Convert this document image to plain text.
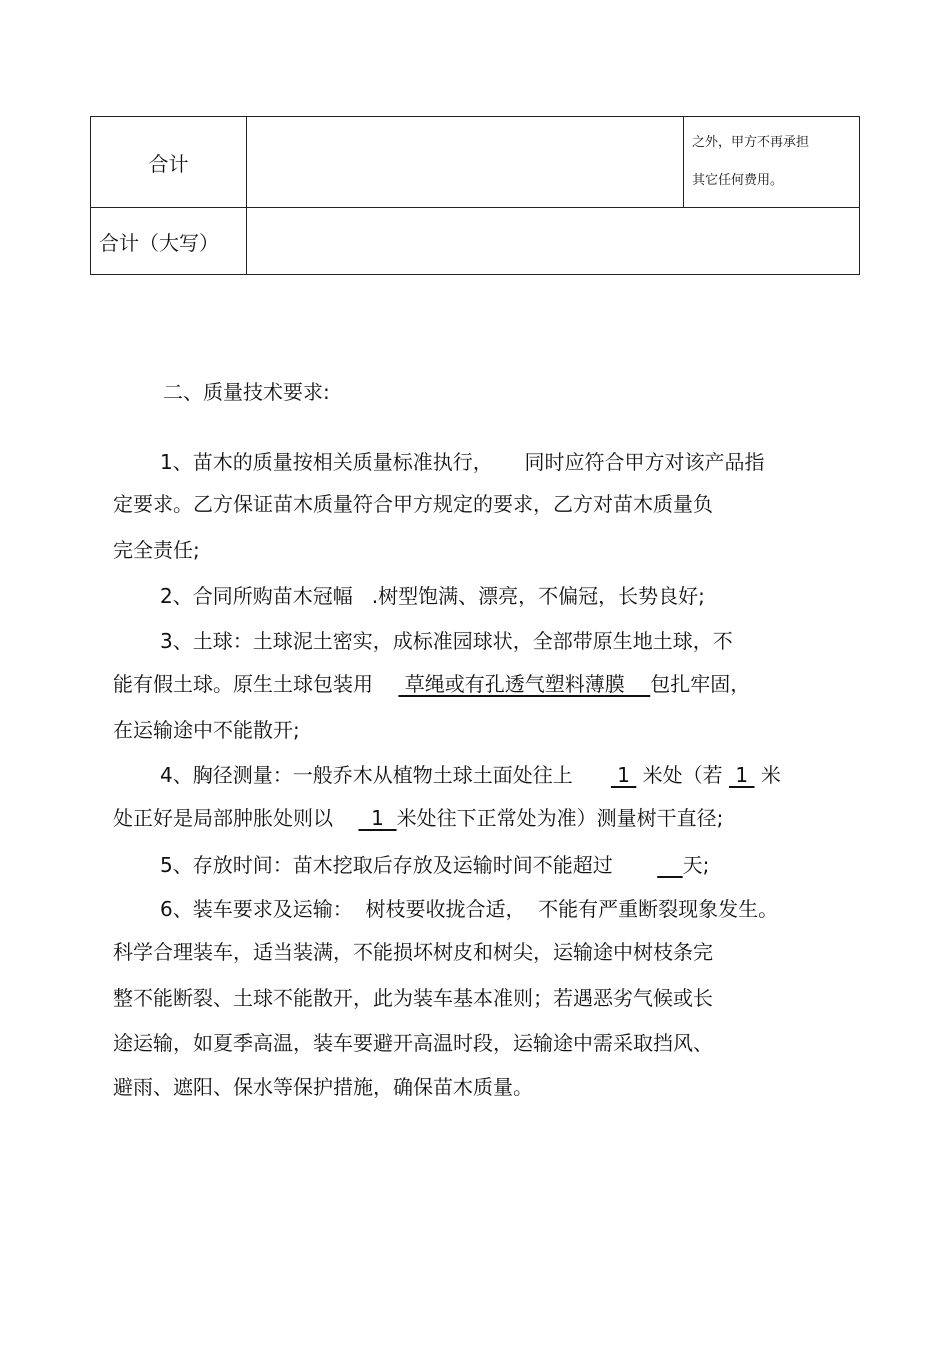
合计		之外，甲方不再承担
其它任何费用。

合计（大写）		
二、质量技术要求:
1、苗木的质量按相关质量标准执行，     同时应符合甲方对该产品指
定要求。乙方保证苗木质量符合甲方规定的要求，乙方对苗木质量负
完全责任;
2、合同所购苗木冠幅   .树型饱满、漂亮，不偏冠，长势良好;
3、土球：土球泥土密实，成标准园球状，全部带原生地土球，不
能有假土球。原生土球包装用     草绳或有孔透气塑料薄膜    包扎牢固，
在运输途中不能散开;
4、胸径测量：一般乔木从植物土球土面处往上       1  米处（若  1  米
处正好是局部肿胀处则以      1  米处往下正常处为准）测量树干直径;
5、存放时间：苗木挖取后存放及运输时间不能超过           天;
6、装车要求及运输：  树枝要收拢合适，  不能有严重断裂现象发生。
科学合理装车，适当装满，不能损坏树皮和树尖，运输途中树枝条完
整不能断裂、土球不能散开，此为装车基本准则；若遇恶劣气候或长
途运输，如夏季高温，装车要避开高温时段，运输途中需采取挡风、
避雨、遮阳、保水等保护措施，确保苗木质量。
